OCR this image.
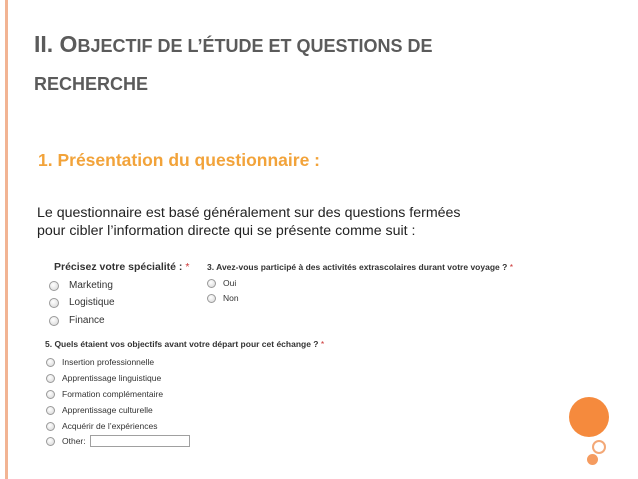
II. OBJECTIF DE L’ÉTUDE ET QUESTIONS DE
RECHERCHE
1. Présentation du questionnaire :
Le questionnaire est basé généralement sur des questions fermées
pour cibler l’information directe qui se présente comme suit :
Précisez votre spécialité : *
Marketing
Logistique
Finance
3. Avez-vous participé à des activités extrascolaires durant votre voyage ? *
Oui
Non
5. Quels étaient vos objectifs avant votre départ pour cet échange ? *
Insertion professionnelle
Apprentissage linguistique
Formation complémentaire
Apprentissage culturelle
Acquérir de l’expériences
Other:
